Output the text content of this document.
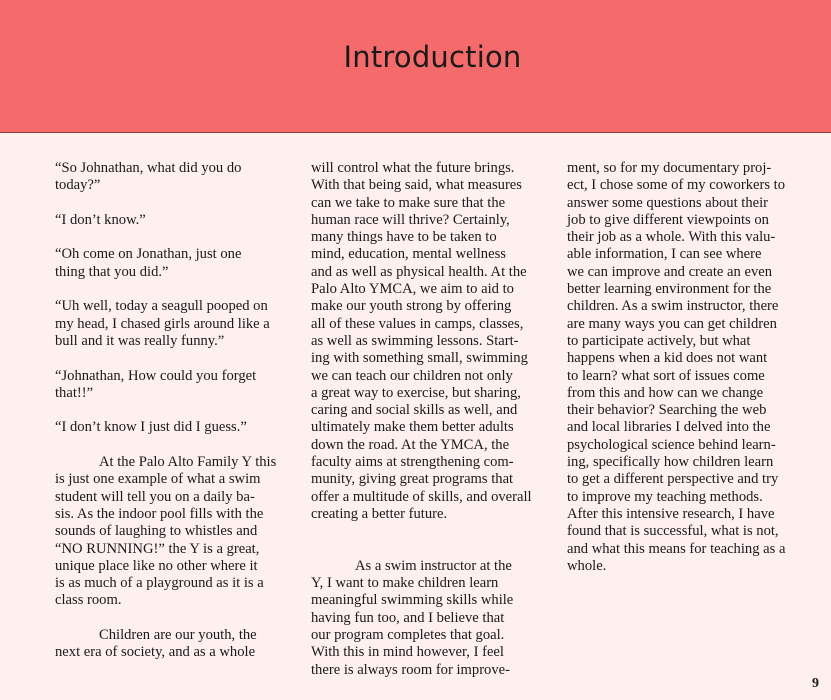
Introduction

“So Johnathan, what did you do

today?”

“I don’t know.”

“Oh come on Jonathan, just one

thing that you did.”

“Uh well, today a seagull pooped on

my head, I chased girls around like a

bull and it was really funny.”

“Johnathan, How could you forget

that!!”

“I don’t know I just did I guess.”

At the Palo Alto Family Y this

is just one example of what a swim

student will tell you on a daily ba-

sis. As the indoor pool fills with the

sounds of laughing to whistles and

“NO RUNNING!” the Y is a great,

unique place like no other where it

is as much of a playground as it is a

class room.

Children are our youth, the

next era of society, and as a whole

will control what the future brings.

With that being said, what measures

can we take to make sure that the

human race will thrive? Certainly,

many things have to be taken to

mind, education, mental wellness

and as well as physical health. At the

Palo Alto YMCA, we aim to aid to

make our youth strong by offering

all of these values in camps, classes,

as well as swimming lessons. Start-

ing with something small, swimming

we can teach our children not only

a great way to exercise, but sharing,

caring and social skills as well, and

ultimately make them better adults

down the road. At the YMCA, the

faculty aims at strengthening com-

munity, giving great programs that

offer a multitude of skills, and overall

creating a better future.

As a swim instructor at the

Y, I want to make children learn

meaningful swimming skills while

having fun too, and I believe that

our program completes that goal.

With this in mind however, I feel

there is always room for improve-

ment, so for my documentary proj-

ect, I chose some of my coworkers to

answer some questions about their

job to give different viewpoints on

their job as a whole. With this valu-

able information, I can see where

we can improve and create an even

better learning environment for the

children. As a swim instructor, there

are many ways you can get children

to participate actively, but what

happens when a kid does not want

to learn? what sort of issues come

from this and how can we change

their behavior? Searching the web

and local libraries I delved into the

psychological science behind learn-

ing, specifically how children learn

to get a different perspective and try

to improve my teaching methods.

After this intensive research, I have

found that is successful, what is not,

and what this means for teaching as a

whole.

9
